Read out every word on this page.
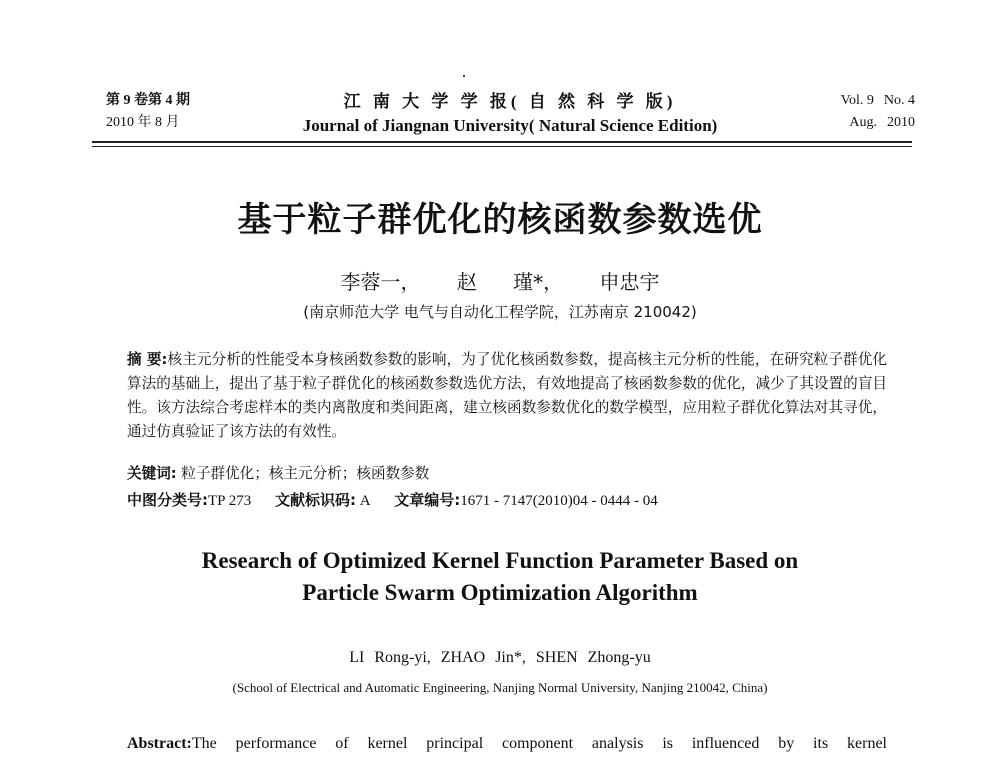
第 9 卷第 4 期
2010 年 8 月
江 南 大 学 学 报( 自 然 科 学 版)
Journal of Jiangnan University( Natural Science Edition)
Vol. 9 No. 4
Aug. 2010
基于粒子群优化的核函数参数选优
李蓉一， 赵 瑾*， 申忠宇
(南京师范大学 电气与自动化工程学院，江苏南京 210042)
摘 要:核主元分析的性能受本身核函数参数的影响，为了优化核函数参数，提高核主元分析的性能，在研究粒子群优化算法的基础上，提出了基于粒子群优化的核函数参数选优方法，有效地提高了核函数参数的优化，减少了其设置的盲目性。该方法综合考虑样本的类内离散度和类间距离，建立核函数参数优化的数学模型，应用粒子群优化算法对其寻优，通过仿真验证了该方法的有效性。
关键词: 粒子群优化；核主元分析；核函数参数
中图分类号:TP 273 文献标识码: A 文章编号:1671 - 7147(2010)04 - 0444 - 04
Research of Optimized Kernel Function Parameter Based on
Particle Swarm Optimization Algorithm
LI Rong-yi, ZHAO Jin*, SHEN Zhong-yu
(School of Electrical and Automatic Engineering, Nanjing Normal University, Nanjing 210042, China)
Abstract:The performance of kernel principal component analysis is influenced by its kernel
